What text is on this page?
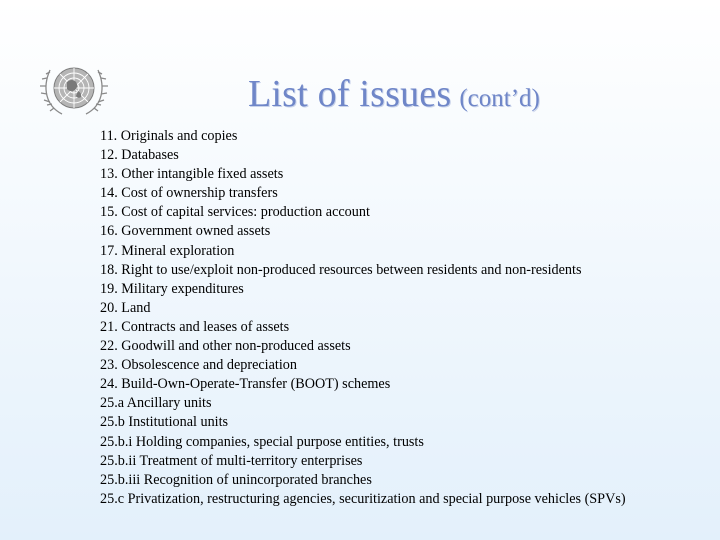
List of issues (cont’d)
11. Originals and copies
12. Databases
13. Other intangible fixed assets
14. Cost of ownership transfers
15. Cost of capital services: production account
16. Government owned assets
17. Mineral exploration
18. Right to use/exploit non-produced resources between residents and non-residents
19. Military expenditures
20. Land
21. Contracts and leases of assets
22. Goodwill and other non-produced assets
23. Obsolescence and depreciation
24. Build-Own-Operate-Transfer (BOOT) schemes
25.a Ancillary units
25.b Institutional units
25.b.i Holding companies, special purpose entities, trusts
25.b.ii Treatment of multi-territory enterprises
25.b.iii Recognition of unincorporated branches
25.c Privatization, restructuring agencies, securitization and special purpose vehicles (SPVs)
